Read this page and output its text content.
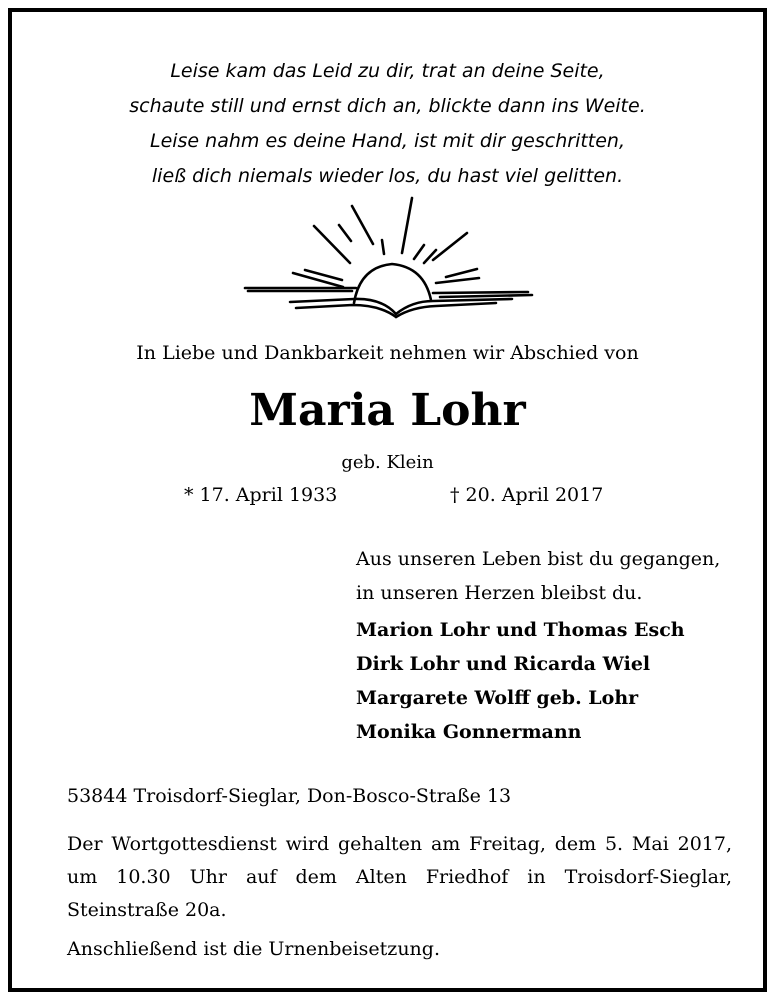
Leise kam das Leid zu dir, trat an deine Seite,
schaute still und ernst dich an, blickte dann ins Weite.
Leise nahm es deine Hand, ist mit dir geschritten,
ließ dich niemals wieder los, du hast viel gelitten.
In Liebe und Dankbarkeit nehmen wir Abschied von
Maria Lohr
geb. Klein
* 17. April 1933	† 20. April 2017
Aus unseren Leben bist du gegangen,
in unseren Herzen bleibst du.
Marion Lohr und Thomas Esch
Dirk Lohr und Ricarda Wiel
Margarete Wolff geb. Lohr
Monika Gonnermann
53844 Troisdorf-Sieglar, Don-Bosco-Straße 13
Der Wortgottesdienst wird gehalten am Freitag, dem 5. Mai 2017,
um 10.30 Uhr auf dem Alten Friedhof in Troisdorf-Sieglar,
Steinstraße 20a.
Anschließend ist die Urnenbeisetzung.
